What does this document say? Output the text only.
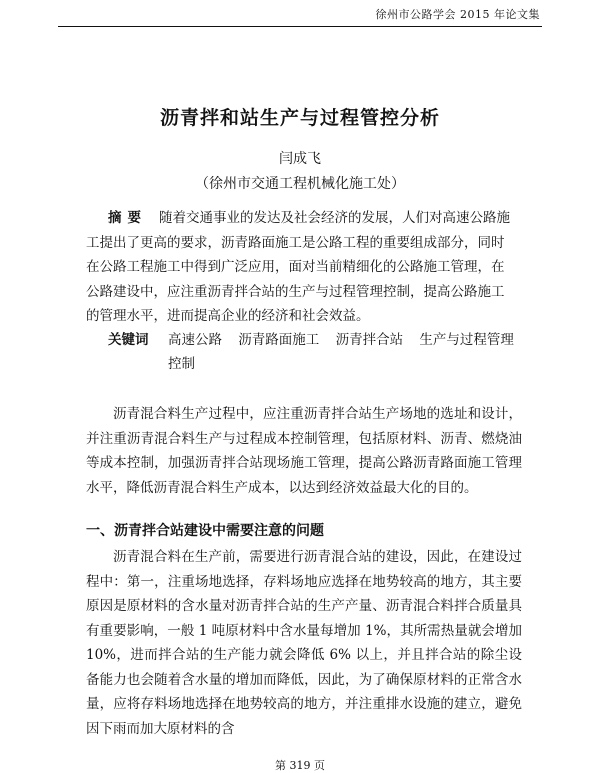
徐州市公路学会 2015 年论文集
沥青拌和站生产与过程管控分析
闫成飞
（徐州市交通工程机械化施工处）
摘要 随着交通事业的发达及社会经济的发展，人们对高速公路施工提出了更高的要求，沥青路面施工是公路工程的重要组成部分，同时在公路工程施工中得到广泛应用，面对当前精细化的公路施工管理，在公路建设中，应注重沥青拌合站的生产与过程管理控制，提高公路施工的管理水平，进而提高企业的经济和社会效益。
关键词 高速公路 沥青路面施工 沥青拌合站 生产与过程管理控制
沥青混合料生产过程中，应注重沥青拌合站生产场地的选址和设计，并注重沥青混合料生产与过程成本控制管理，包括原材料、沥青、燃烧油等成本控制，加强沥青拌合站现场施工管理，提高公路沥青路面施工管理水平，降低沥青混合料生产成本，以达到经济效益最大化的目的。
一、沥青拌合站建设中需要注意的问题
沥青混合料在生产前，需要进行沥青混合站的建设，因此，在建设过程中：第一，注重场地选择，存料场地应选择在地势较高的地方，其主要原因是原材料的含水量对沥青拌合站的生产产量、沥青混合料拌合质量具有重要影响，一般 1 吨原材料中含水量每增加 1%，其所需热量就会增加 10%，进而拌合站的生产能力就会降低 6% 以上，并且拌合站的除尘设备能力也会随着含水量的增加而降低，因此，为了确保原材料的正常含水量，应将存料场地选择在地势较高的地方，并注重排水设施的建立，避免因下雨而加大原材料的含
第 319 页
